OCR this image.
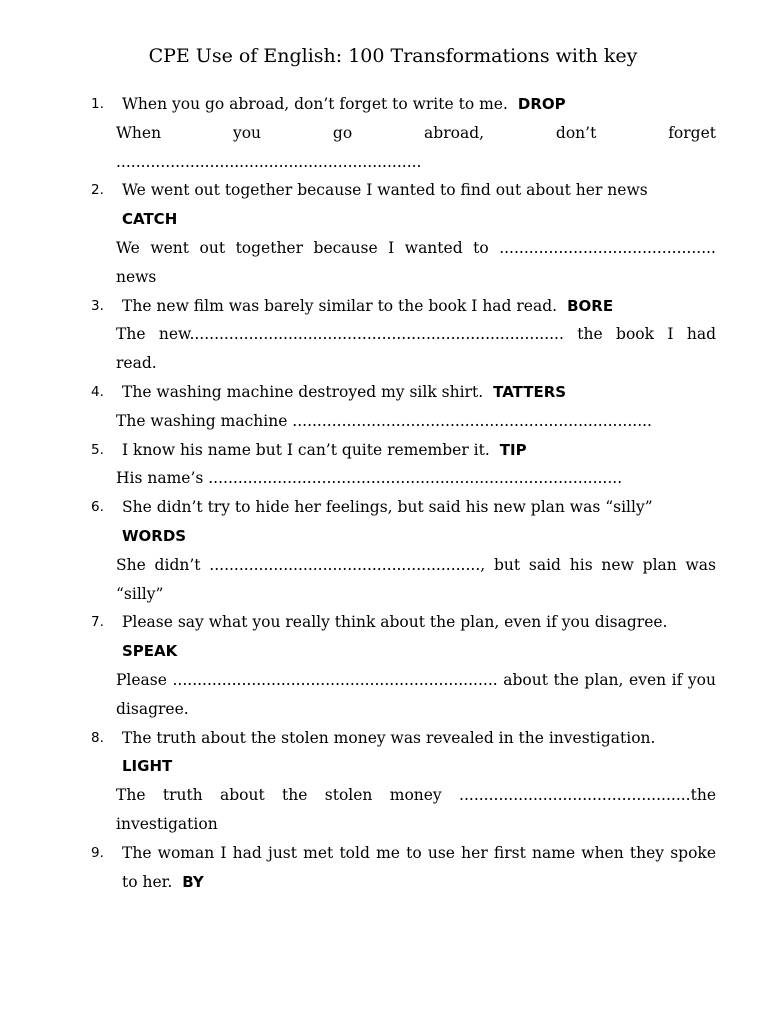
CPE Use of English: 100 Transformations with key
1. When you go abroad, don’t forget to write to me. DROP
When you go abroad, don’t forget
..............................................................
2. We went out together because I wanted to find out about her news
CATCH
We went out together because I wanted to ............................................ news
3. The new film was barely similar to the book I had read. BORE
The new............................................................................ the book I had read.
4. The washing machine destroyed my silk shirt. TATTERS
The washing machine .........................................................................
5. I know his name but I can’t quite remember it. TIP
His name’s ....................................................................................
6. She didn’t try to hide her feelings, but said his new plan was “silly”
WORDS
She didn’t ......................................................., but said his new plan was “silly”
7. Please say what you really think about the plan, even if you disagree.
SPEAK
Please .................................................................. about the plan, even if you disagree.
8. The truth about the stolen money was revealed in the investigation.
LIGHT
The truth about the stolen money ...............................................the investigation
9. The woman I had just met told me to use her first name when they spoke to her. BY
